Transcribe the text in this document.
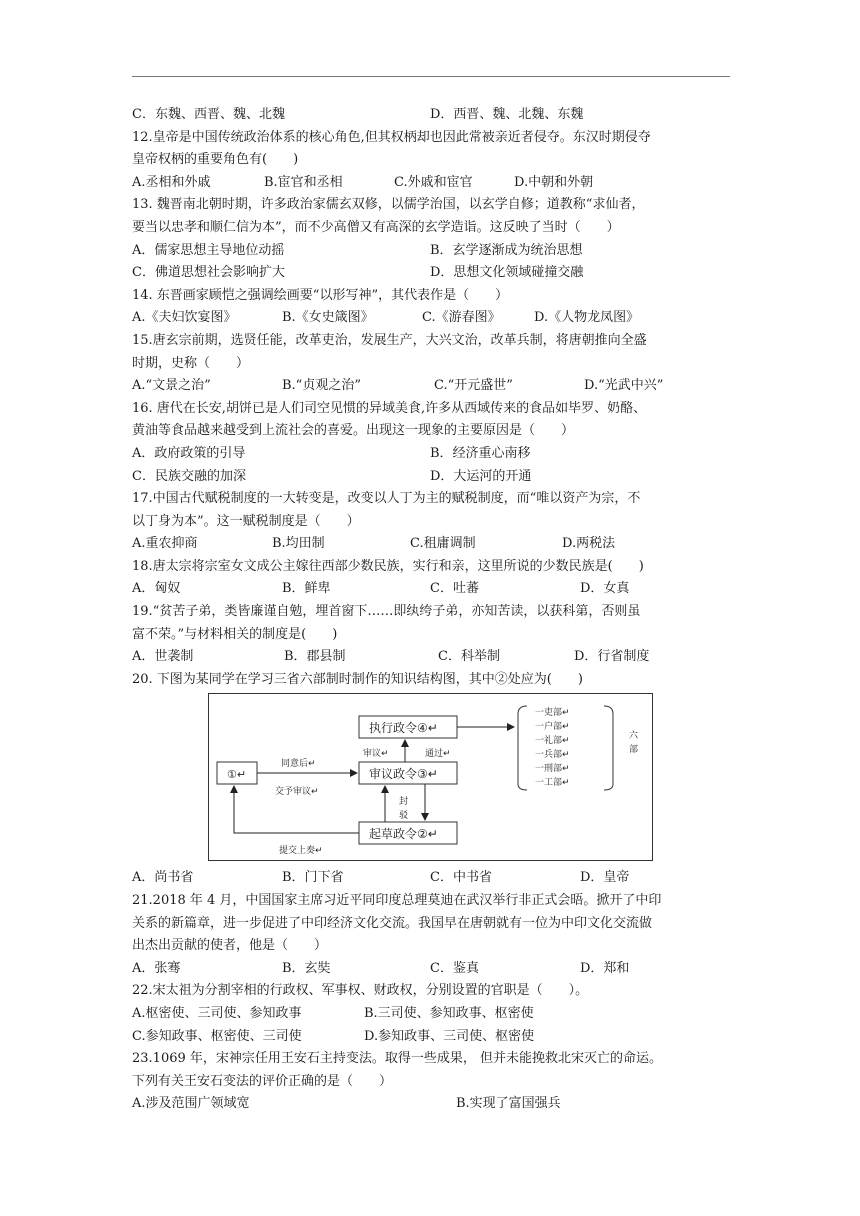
C．东魏、西晋、魏、北魏	D．西晋、魏、北魏、东魏
12.皇帝是中国传统政治体系的核心角色,但其权柄却也因此常被亲近者侵夺。东汉时期侵夺
皇帝权柄的重要角色有(　　)
A.丞相和外戚	B.宦官和丞相	C.外戚和宦官	D.中朝和外朝
13. 魏晋南北朝时期，许多政治家儒玄双修，以儒学治国，以玄学自修；道教称“求仙者，
要当以忠孝和顺仁信为本”，而不少高僧又有高深的玄学造诣。这反映了当时（　　）
A．儒家思想主导地位动摇	B．玄学逐渐成为统治思想
C．佛道思想社会影响扩大	D．思想文化领域碰撞交融
14. 东晋画家顾恺之强调绘画要“以形写神”，其代表作是（　　）
A.《夫妇饮宴图》	B.《女史箴图》	C.《游春图》	D.《人物龙凤图》
15.唐玄宗前期，选贤任能，改革吏治，发展生产，大兴文治，改革兵制，将唐朝推向全盛
时期，史称（　　）
A.“文景之治”	B.“贞观之治”	C.“开元盛世”	D.“光武中兴”
16. 唐代在长安,胡饼已是人们司空见惯的异域美食,许多从西域传来的食品如毕罗、奶酪、
黄油等食品越来越受到上流社会的喜爱。出现这一现象的主要原因是（　　）
A．政府政策的引导	B．经济重心南移
C．民族交融的加深	D．大运河的开通
17.中国古代赋税制度的一大转变是，改变以人丁为主的赋税制度，而“唯以资产为宗，不
以丁身为本”。这一赋税制度是（　　）
A.重农抑商	B.均田制	C.租庸调制	D.两税法
18.唐太宗将宗室女文成公主嫁往西部少数民族，实行和亲，这里所说的少数民族是(　　)
A．匈奴	B．鲜卑	C．吐蕃	D．女真
19.“贫苦子弟，类皆廉谨自勉，埋首窗下……即纨绔子弟，亦知苦读，以获科第，否则虽
富不荣。”与材料相关的制度是(　　)
A．世袭制	B．郡县制	C．科举制	D．行省制度
20. 下图为某同学在学习三省六部制时制作的知识结构图，其中②处应为(　　)
①↵
执行政令④↵
审议政令③↵
起草政令②↵
同意后↵
交予审议↵
提交上奏↵
审议↵	通过↵
封
驳
一吏部↵
一户部↵
一礼部↵
一兵部↵
一刑部↵
一工部↵
六
部
A．尚书省	B．门下省	C．中书省	D．皇帝
21.2018 年 4 月，中国国家主席习近平同印度总理莫迪在武汉举行非正式会晤。掀开了中印
关系的新篇章，进一步促进了中印经济文化交流。我国早在唐朝就有一位为中印文化交流做
出杰出贡献的使者，他是（　　）
A．张骞	B．玄奘	C．鉴真	D．郑和
22.宋太祖为分割宰相的行政权、军事权、财政权，分别设置的官职是（　　）。
A.枢密使、三司使、参知政事	B.三司使、参知政事、枢密使
C.参知政事、枢密使、三司使	D.参知政事、三司使、枢密使
23.1069 年，宋神宗任用王安石主持变法。取得一些成果， 但并未能挽救北宋灭亡的命运。
下列有关王安石变法的评价正确的是（　　）
A.涉及范围广领域宽	B.实现了富国强兵
